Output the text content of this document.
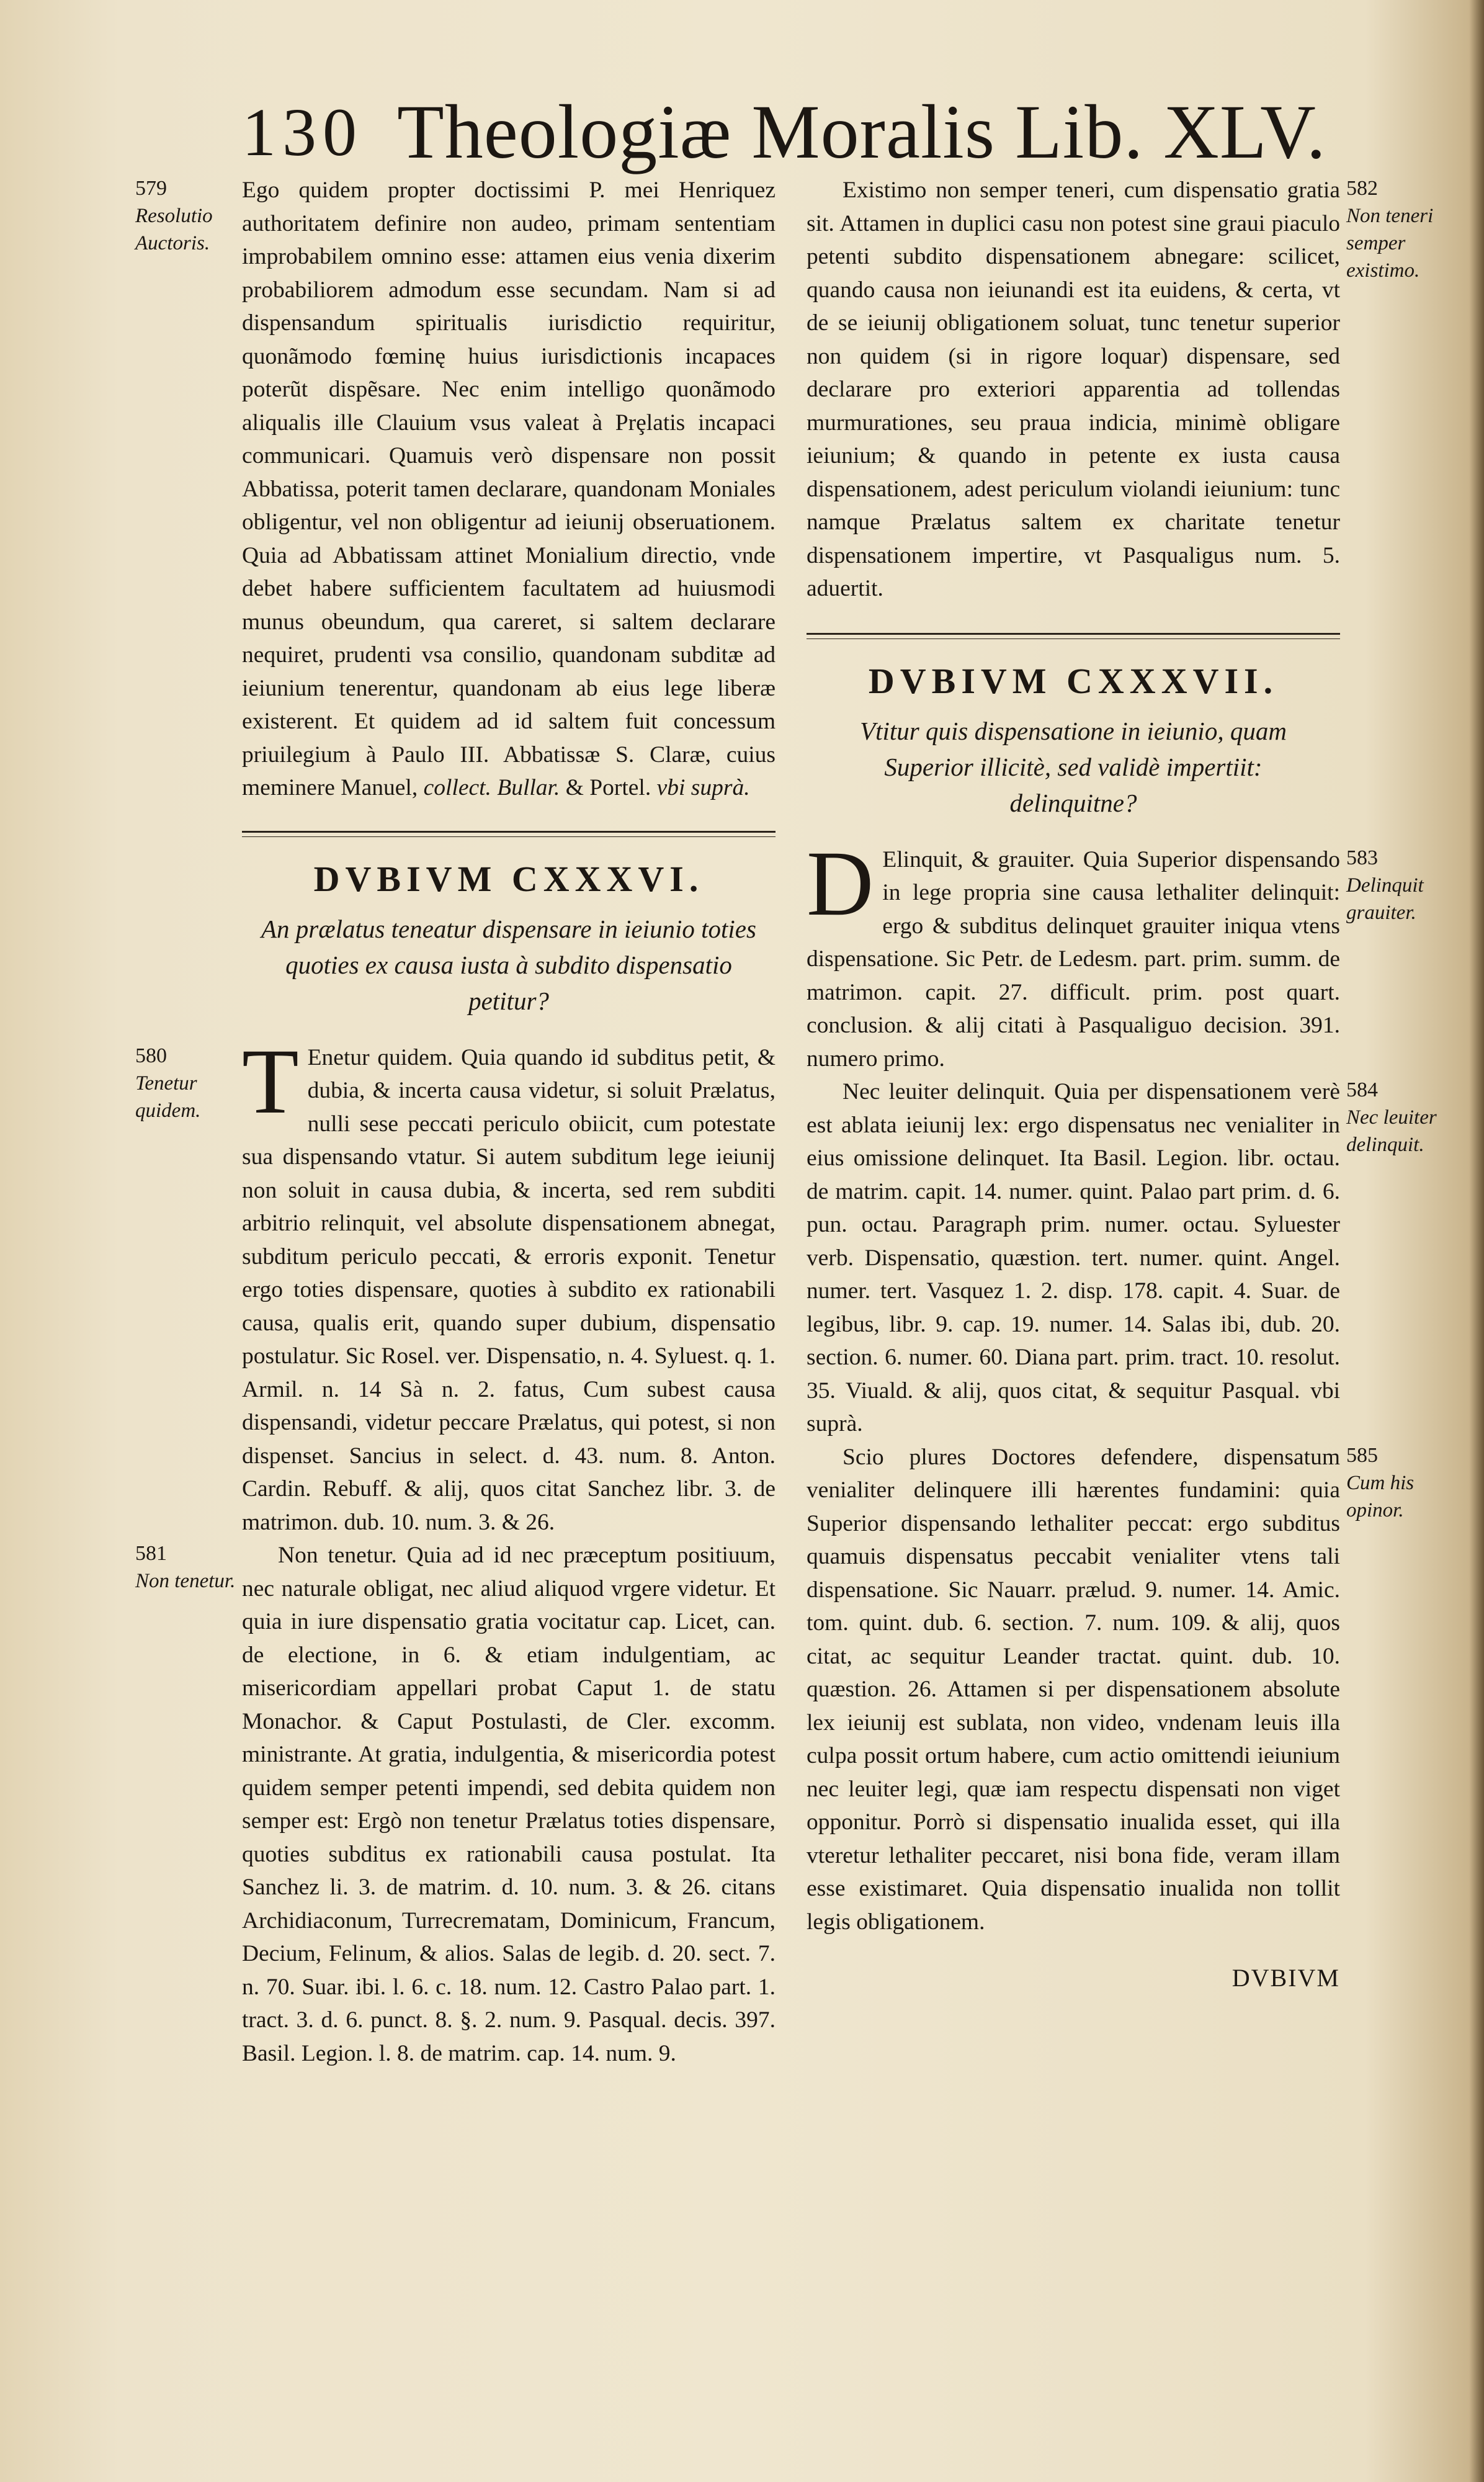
130 Theologiæ Moralis Lib. XLV.
579
Resolutio Auctoris.

Ego quidem propter doctissimi P. mei Henriquez authoritatem definire non audeo, primam sententiam improbabilem omnino esse: attamen eius venia dixerim probabiliorem admodum esse secundam. Nam si ad dispensandum spiritualis iurisdictio requiritur, quonãmodo fœminę huius iurisdictionis incapaces poterũt dispẽsare. Nec enim intelligo quonãmodo aliqualis ille Clauium vsus valeat à Prȩlatis incapaci communicari. Quamuis verò dispensare non possit Abbatissa, poterit tamen declarare, quandonam Moniales obligentur, vel non obligentur ad ieiunij obseruationem. Quia ad Abbatissam attinet Monialium directio, vnde debet habere sufficientem facultatem ad huiusmodi munus obeundum, qua careret, si saltem declarare nequiret, prudenti vsa consilio, quandonam subditæ ad ieiunium tenerentur, quandonam ab eius lege liberæ existerent. Et quidem ad id saltem fuit concessum priuilegium à Paulo III. Abbatissæ S. Claræ, cuius meminere Manuel, collect. Bullar. & Portel. vbi suprà.

DVBIVM CXXXVI.

An prælatus teneatur dispensare in ieiunio toties quoties ex causa iusta à subdito dispensatio petitur?

580
Tenetur quidem. T Enetur quidem. Quia quando id subditus petit, & dubia, & incerta causa videtur, si soluit Prælatus, nulli sese peccati periculo obiicit, cum potestate sua dispensando vtatur. Si autem subditum lege ieiunij non soluit in causa dubia, & incerta, sed rem subditi arbitrio relinquit, vel absolute dispensationem abnegat, subditum periculo peccati, & erroris exponit. Tenetur ergo toties dispensare, quoties à subdito ex rationabili causa, qualis erit, quando super dubium, dispensatio postulatur. Sic Rosel. ver. Dispensatio, n. 4. Syluest. q. 1. Armil. n. 14 Sà n. 2. fatus, Cum subest causa dispensandi, videtur peccare Prælatus, qui potest, si non dispenset. Sancius in select. d. 43. num. 8. Anton. Cardin. Rebuff. & alij, quos citat Sanchez libr. 3. de matrimon. dub. 10. num. 3. & 26.

581
Non tenetur.

Non tenetur. Quia ad id nec præceptum positiuum, nec naturale obligat, nec aliud aliquod vrgere videtur. Et quia in iure dispensatio gratia vocitatur cap. Licet, can. de electione, in 6. & etiam indulgentiam, ac misericordiam appellari probat Caput 1. de statu Monachor. & Caput Postulasti, de Cler. excomm. ministrante. At gratia, indulgentia, & misericordia potest quidem semper petenti impendi, sed debita quidem non semper est: Ergò non tenetur Prælatus toties dispensare, quoties subditus ex rationabili causa postulat. Ita Sanchez li. 3. de matrim. d. 10. num. 3. & 26. citans Archidiaconum, Turrecrematam, Dominicum, Francum, Decium, Felinum, & alios. Salas de legib. d. 20. sect. 7. n. 70. Suar. ibi. l. 6. c. 18. num. 12. Castro Palao part. 1. tract. 3. d. 6. punct. 8. §. 2. num. 9. Pasqual. decis. 397. Basil. Legion. l. 8. de matrim. cap. 14. num. 9.

582
Non teneri semper existimo.

Existimo non semper teneri, cum dispensatio gratia sit. Attamen in duplici casu non potest sine graui piaculo petenti subdito dispensationem abnegare: scilicet, quando causa non ieiunandi est ita euidens, & certa, vt de se ieiunij obligationem soluat, tunc tenetur superior non quidem (si in rigore loquar) dispensare, sed declarare pro exteriori apparentia ad tollendas murmurationes, seu praua indicia, minimè obligare ieiunium; & quando in petente ex iusta causa dispensationem, adest periculum violandi ieiunium: tunc namque Prælatus saltem ex charitate tenetur dispensationem impertire, vt Pasqualigus num. 5. aduertit.

DVBIVM CXXXVII.

Vtitur quis dispensatione in ieiunio, quam Superior illicitè, sed validè impertiit: delinquitne?

583
Delinquit grauiter.

D Elinquit, & grauiter. Quia Superior dispensando in lege propria sine causa lethaliter delinquit: ergo & subditus delinquet grauiter iniqua vtens dispensatione. Sic Petr. de Ledesm. part. prim. summ. de matrimon. capit. 27. difficult. prim. post quart. conclusion. & alij citati à Pasqualiguo decision. 391. numero primo.

584
Nec leuiter delinquit.

Nec leuiter delinquit. Quia per dispensationem verè est ablata ieiunij lex: ergo dispensatus nec venialiter in eius omissione delinquet. Ita Basil. Legion. libr. octau. de matrim. capit. 14. numer. quint. Palao part prim. d. 6. pun. octau. Paragraph prim. numer. octau. Syluester verb. Dispensatio, quæstion. tert. numer. quint. Angel. numer. tert. Vasquez 1. 2. disp. 178. capit. 4. Suar. de legibus, libr. 9. cap. 19. numer. 14. Salas ibi, dub. 20. section. 6. numer. 60. Diana part. prim. tract. 10. resolut. 35. Viuald. & alij, quos citat, & sequitur Pasqual. vbi suprà.

585
Cum his opinor.

Scio plures Doctores defendere, dispensatum venialiter delinquere illi hærentes fundamini: quia Superior dispensando lethaliter peccat: ergo subditus quamuis dispensatus peccabit venialiter vtens tali dispensatione. Sic Nauarr. prælud. 9. numer. 14. Amic. tom. quint. dub. 6. section. 7. num. 109. & alij, quos citat, ac sequitur Leander tractat. quint. dub. 10. quæstion. 26. Attamen si per dispensationem absolute lex ieiunij est sublata, non video, vndenam leuis illa culpa possit ortum habere, cum actio omittendi ieiunium nec leuiter legi, quæ iam respectu dispensati non viget opponitur. Porrò si dispensatio inualida esset, qui illa vteretur lethaliter peccaret, nisi bona fide, veram illam esse existimaret. Quia dispensatio inualida non tollit legis obligationem.

DVBIVM
